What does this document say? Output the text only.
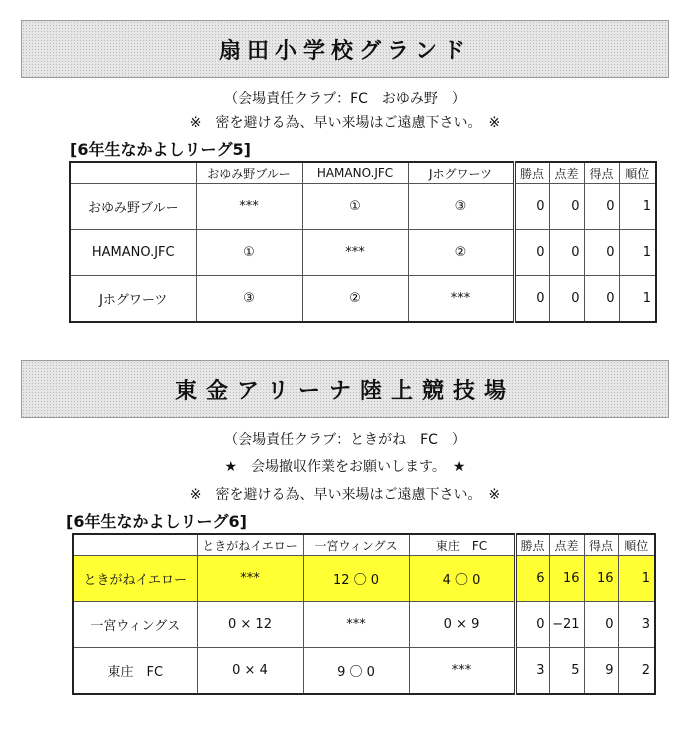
扇田小学校グランド
（会場責任クラブ：FC　おゆみ野　）
※　密を避ける為、早い来場はご遠慮下さい。　※
[6年生なかよしリーグ5]
	おゆみ野ブルー	HAMANO.JFC	Jホグワーツ	勝点	点差	得点	順位
おゆみ野ブルー	***	①	③	0	0	0	1
HAMANO.JFC	①	***	②	0	0	0	1
Jホグワーツ	③	②	***	0	0	0	1
東金アリーナ陸上競技場
（会場責任クラブ：ときがね　FC　）
★　会場撤収作業をお願いします。　★
※　密を避ける為、早い来場はご遠慮下さい。　※
[6年生なかよしリーグ6]
	ときがねイエロー	一宮ウィングス	東庄　FC	勝点	点差	得点	順位
ときがねイエロー	***	12 〇 0	4 〇 0	6	16	16	1
一宮ウィングス	0 × 12	***	0 × 9	0	−21	0	3
東庄　FC	0 × 4	9 〇 0	***	3	5	9	2
